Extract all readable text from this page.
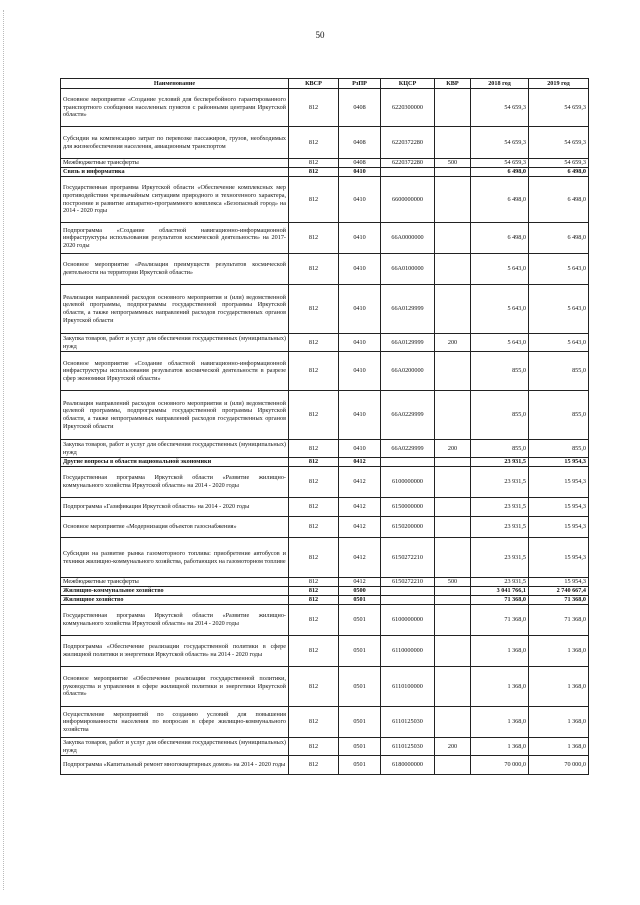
50
Наименование	КВСР	РзПР	КЦСР	КВР	2018 год	2019 год
Основное мероприятие «Создание условий для бесперебойного гарантированного транспортного сообщения населенных пунктов с районными центрами Иркутской области»	812	0408	6220300000		54 659,3	54 659,3
Субсидии на компенсацию затрат по перевозке пассажиров, грузов, необходимых для жизнеобеспечения населения, авиационным транспортом	812	0408	6220372280		54 659,3	54 659,3
Межбюджетные трансферты	812	0408	6220372280	500	54 659,3	54 659,3
Связь и информатика	812	0410			6 498,0	6 498,0
Государственная программа Иркутской области «Обеспечение комплексных мер противодействия чрезвычайным ситуациям природного и техногенного характера, построение и развитие аппаратно-программного комплекса «Безопасный город» на 2014 - 2020 годы	812	0410	6600000000		6 498,0	6 498,0
Подпрограмма «Создание областной навигационно-информационной инфраструктуры использования результатов космической деятельности» на 2017-2020 годы	812	0410	66А0000000		6 498,0	6 498,0
Основное мероприятие «Реализация преимуществ результатов космической деятельности на территории Иркутской области»	812	0410	66А0100000		5 643,0	5 643,0
Реализация направлений расходов основного мероприятия и (или) ведомственной целевой программы, подпрограммы государственной программы Иркутской области, а также непрограммных направлений расходов государственных органов Иркутской области	812	0410	66А0129999		5 643,0	5 643,0
Закупка товаров, работ и услуг для обеспечения государственных (муниципальных) нужд	812	0410	66А0129999	200	5 643,0	5 643,0
Основное мероприятие «Создание областной навигационно-информационной инфраструктуры использования результатов космической деятельности в разрезе сфер экономики Иркутской области»	812	0410	66А0200000		855,0	855,0
Реализация направлений расходов основного мероприятия и (или) ведомственной целевой программы, подпрограммы государственной программы Иркутской области, а также непрограммных направлений расходов государственных органов Иркутской области	812	0410	66А0229999		855,0	855,0
Закупка товаров, работ и услуг для обеспечения государственных (муниципальных) нужд	812	0410	66А0229999	200	855,0	855,0
Другие вопросы в области национальной экономики	812	0412			23 931,5	15 954,3
Государственная программа Иркутской области «Развитие жилищно-коммунального хозяйства Иркутской области» на 2014 - 2020 годы	812	0412	6100000000		23 931,5	15 954,3
Подпрограмма «Газификация Иркутской области» на 2014 - 2020 годы	812	0412	6150000000		23 931,5	15 954,3
Основное мероприятие «Модернизация объектов газоснабжения»	812	0412	6150200000		23 931,5	15 954,3
Субсидии на развитие рынка газомоторного топлива: приобретение автобусов и техники жилищно-коммунального хозяйства, работающих на газомоторном топливе	812	0412	6150272210		23 931,5	15 954,3
Межбюджетные трансферты	812	0412	6150272210	500	23 931,5	15 954,3
Жилищно-коммунальное хозяйство	812	0500			3 041 766,1	2 740 667,4
Жилищное хозяйство	812	0501			71 368,0	71 368,0
Государственная программа Иркутской области «Развитие жилищно-коммунального хозяйства Иркутской области» на 2014 - 2020 годы	812	0501	6100000000		71 368,0	71 368,0
Подпрограмма «Обеспечение реализации государственной политики в сфере жилищной политики и энергетики Иркутской области» на 2014 - 2020 годы	812	0501	6110000000		1 368,0	1 368,0
Основное мероприятие «Обеспечение реализации государственной политики, руководства и управления в сфере жилищной политики и энергетики Иркутской области»	812	0501	6110100000		1 368,0	1 368,0
Осуществление мероприятий по созданию условий для повышения информированности населения по вопросам в сфере жилищно-коммунального хозяйства	812	0501	6110125030		1 368,0	1 368,0
Закупка товаров, работ и услуг для обеспечения государственных (муниципальных) нужд	812	0501	6110125030	200	1 368,0	1 368,0
Подпрограмма «Капитальный ремонт многоквартирных домов» на 2014 - 2020 годы	812	0501	6180000000		70 000,0	70 000,0
